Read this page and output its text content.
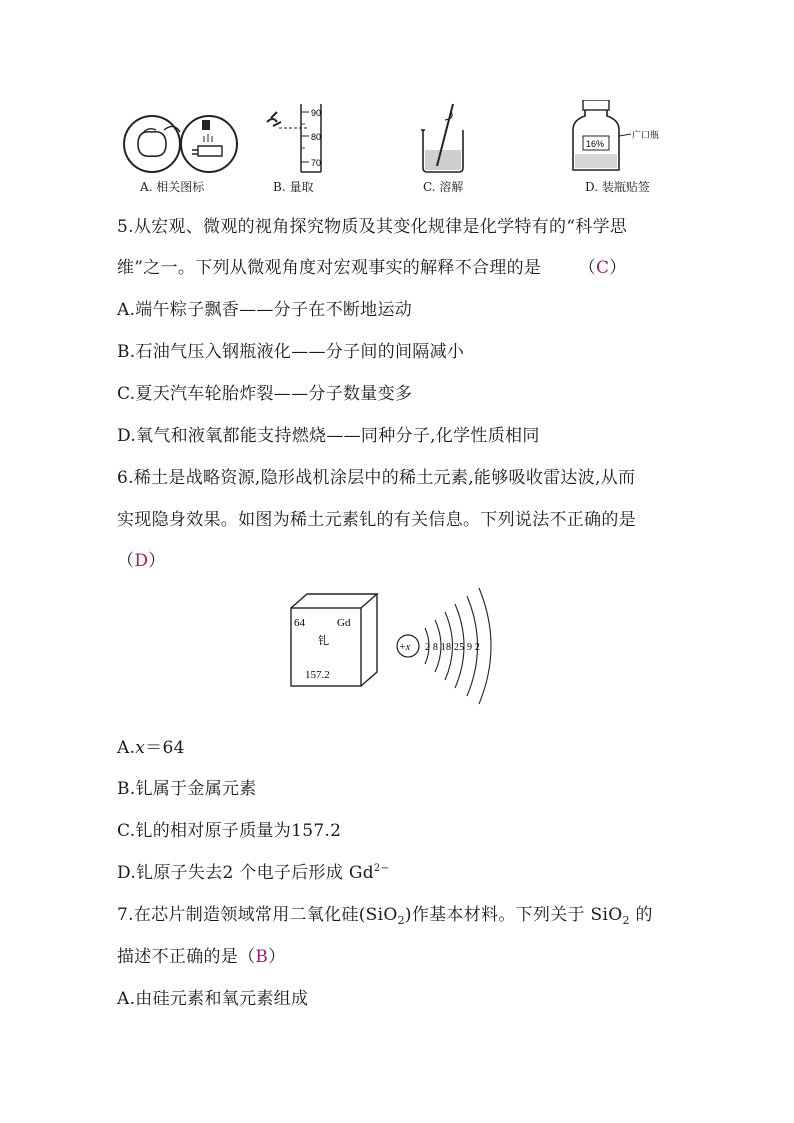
A. 相关图标
90
80
70
B. 量取	C. 溶解
16%
广口瓶
D. 装瓶贴签
5.从宏观、微观的视角探究物质及其变化规律是化学特有的“科学思
维”之一。下列从微观角度对宏观事实的解释不合理的是 （C）
A.端午粽子飘香——分子在不断地运动
B.石油气压入钢瓶液化——分子间的间隔减小
C.夏天汽车轮胎炸裂——分子数量变多
D.氧气和液氧都能支持燃烧——同种分子,化学性质相同
6.稀土是战略资源,隐形战机涂层中的稀土元素,能够吸收雷达波,从而
实现隐身效果。如图为稀土元素钆的有关信息。下列说法不正确的是
（D）
64	Gd
钆
157.2
+x 2 8 18 25 9 2
A.x＝64
B.钆属于金属元素
C.钆的相对原子质量为157.2
D.钆原子失去2 个电子后形成 $Gd^{2-}$
7.在芯片制造领域常用二氧化硅(SiO$_2$)作基本材料。下列关于 SiO$_2$ 的
描述不正确的是（B）
A.由硅元素和氧元素组成
